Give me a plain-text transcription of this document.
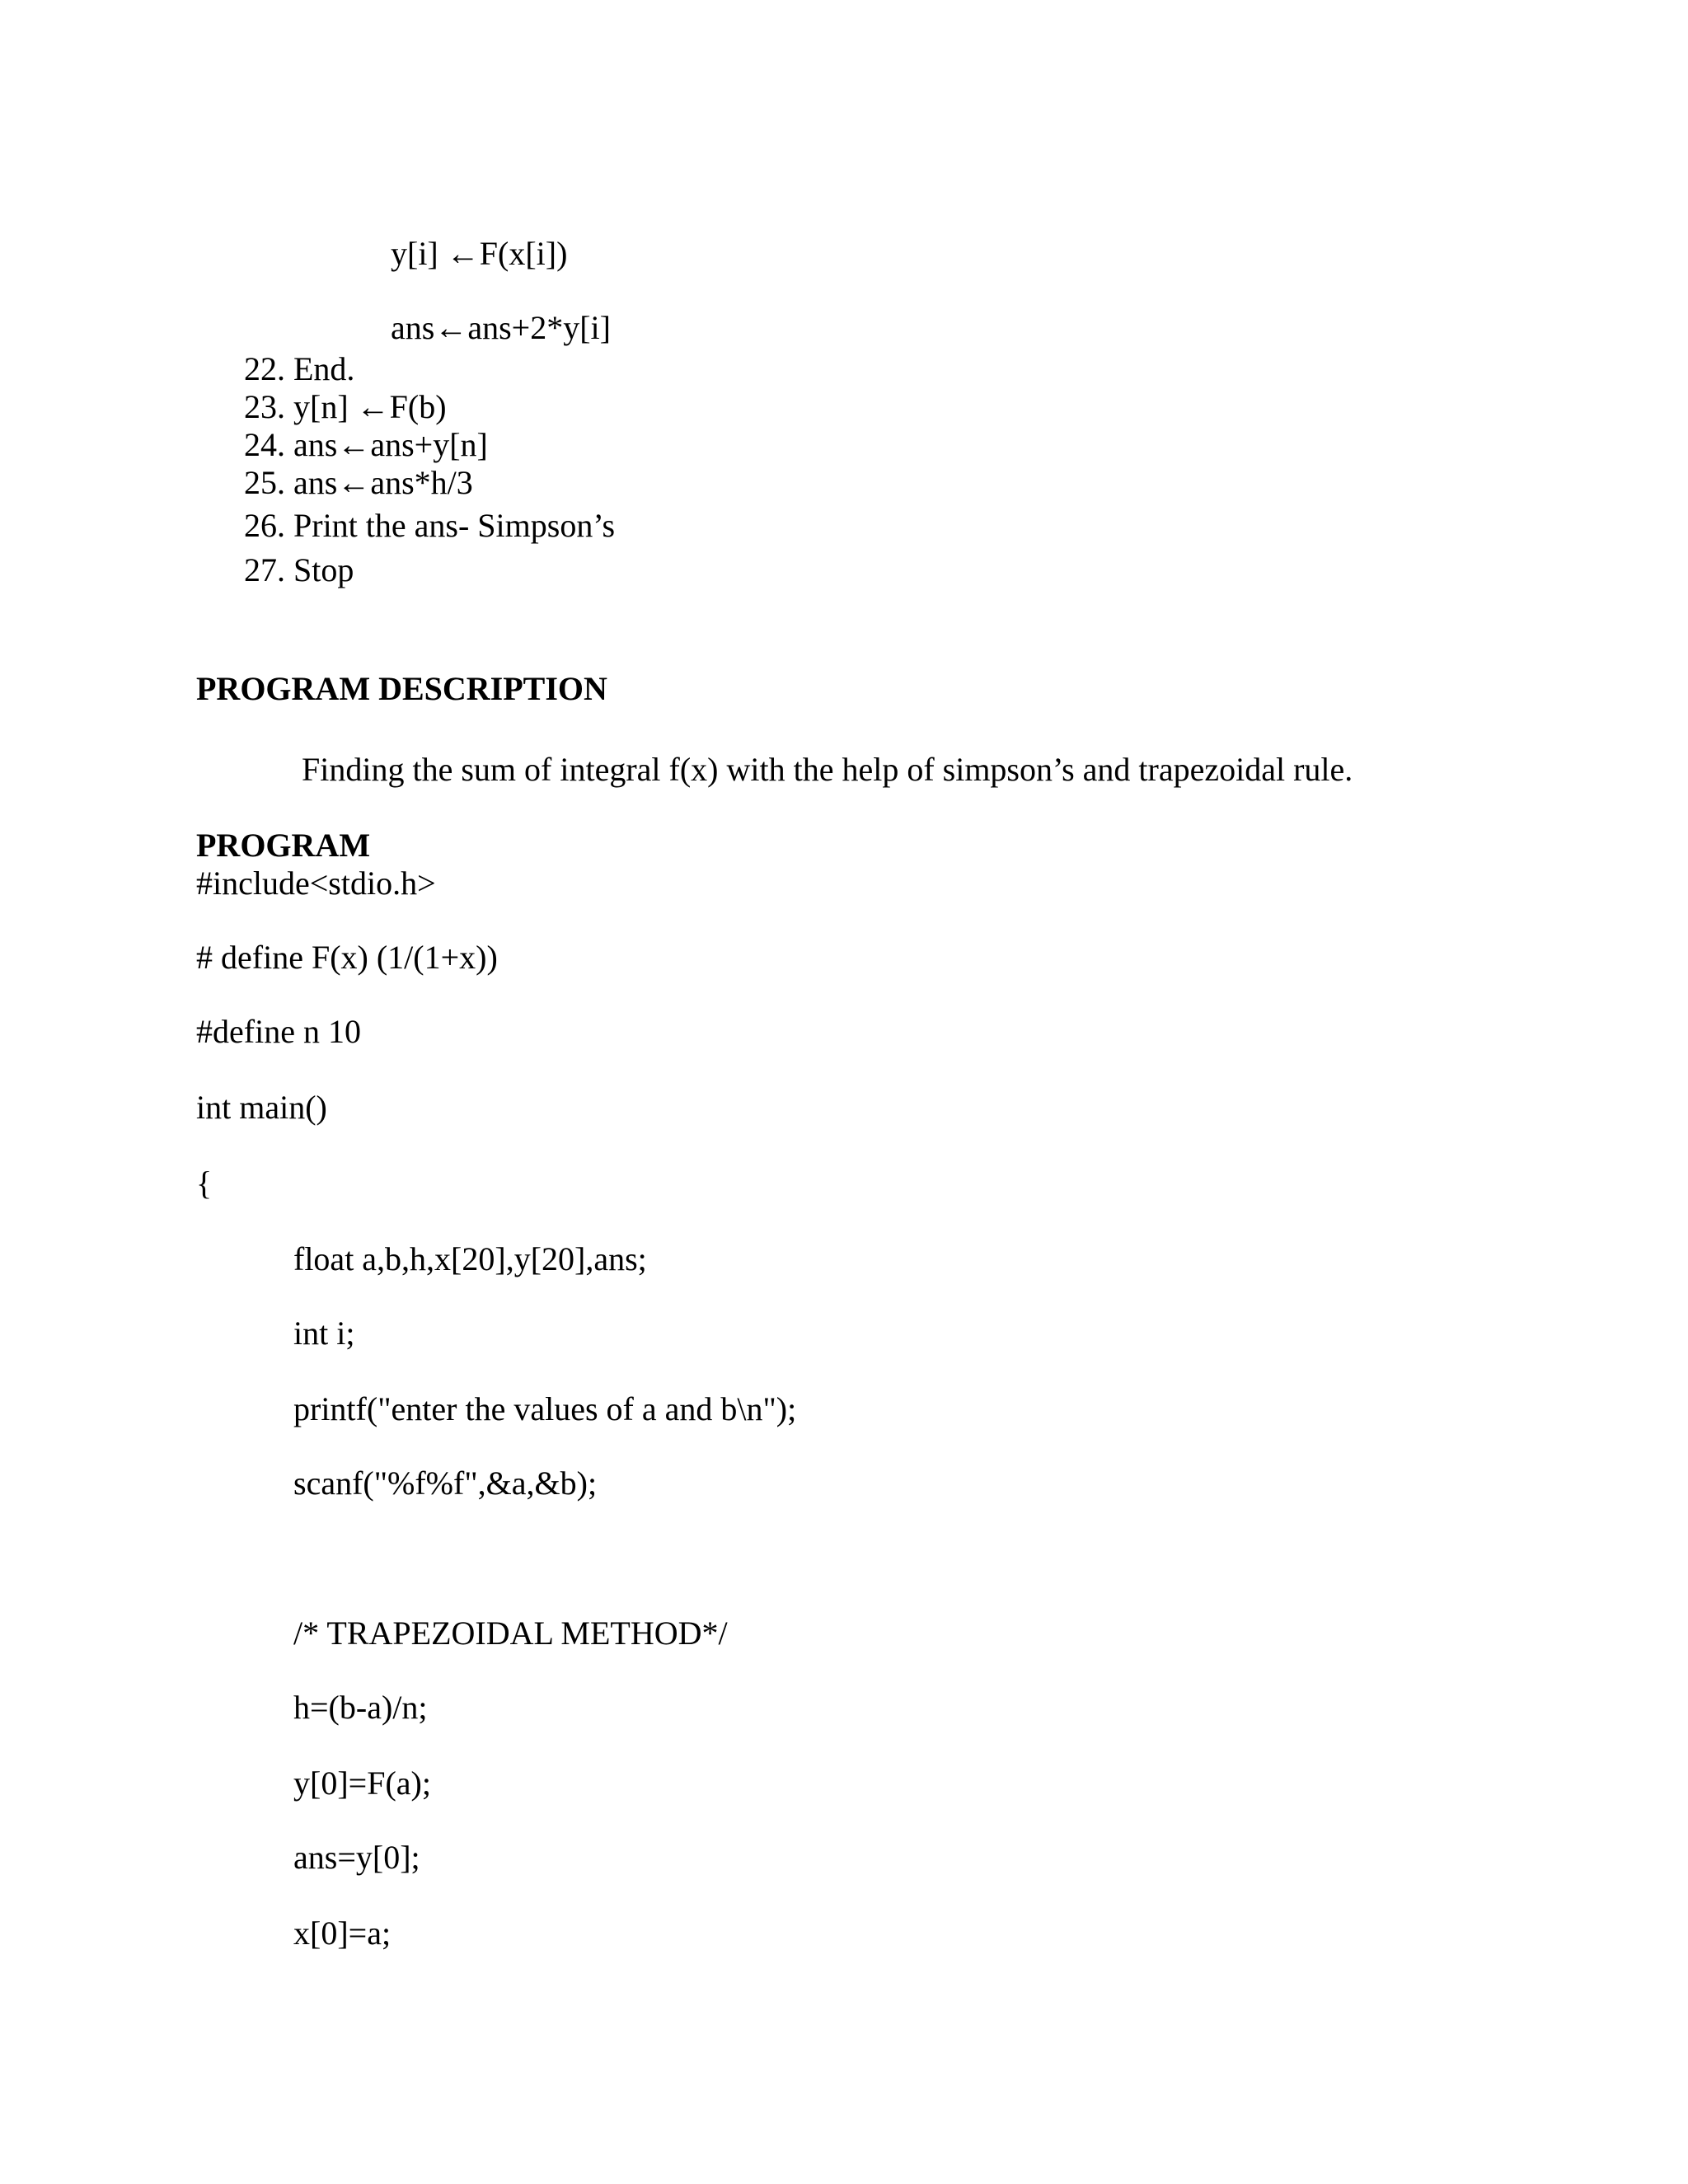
y[i] ←F(x[i])
ans←ans+2*y[i]
22. End.
23. y[n] ←F(b)
24. ans←ans+y[n]
25. ans←ans*h/3
26. Print the ans- Simpson’s
27. Stop
PROGRAM DESCRIPTION
Finding the sum of integral f(x) with the help of simpson’s and trapezoidal rule.
PROGRAM
#include<stdio.h>
# define F(x) (1/(1+x))
#define n 10
int main()
{
float a,b,h,x[20],y[20],ans;
int i;
printf("enter the values of a and b\n");
scanf("%f%f",&a,&b);
/* TRAPEZOIDAL METHOD*/
h=(b-a)/n;
y[0]=F(a);
ans=y[0];
x[0]=a;
